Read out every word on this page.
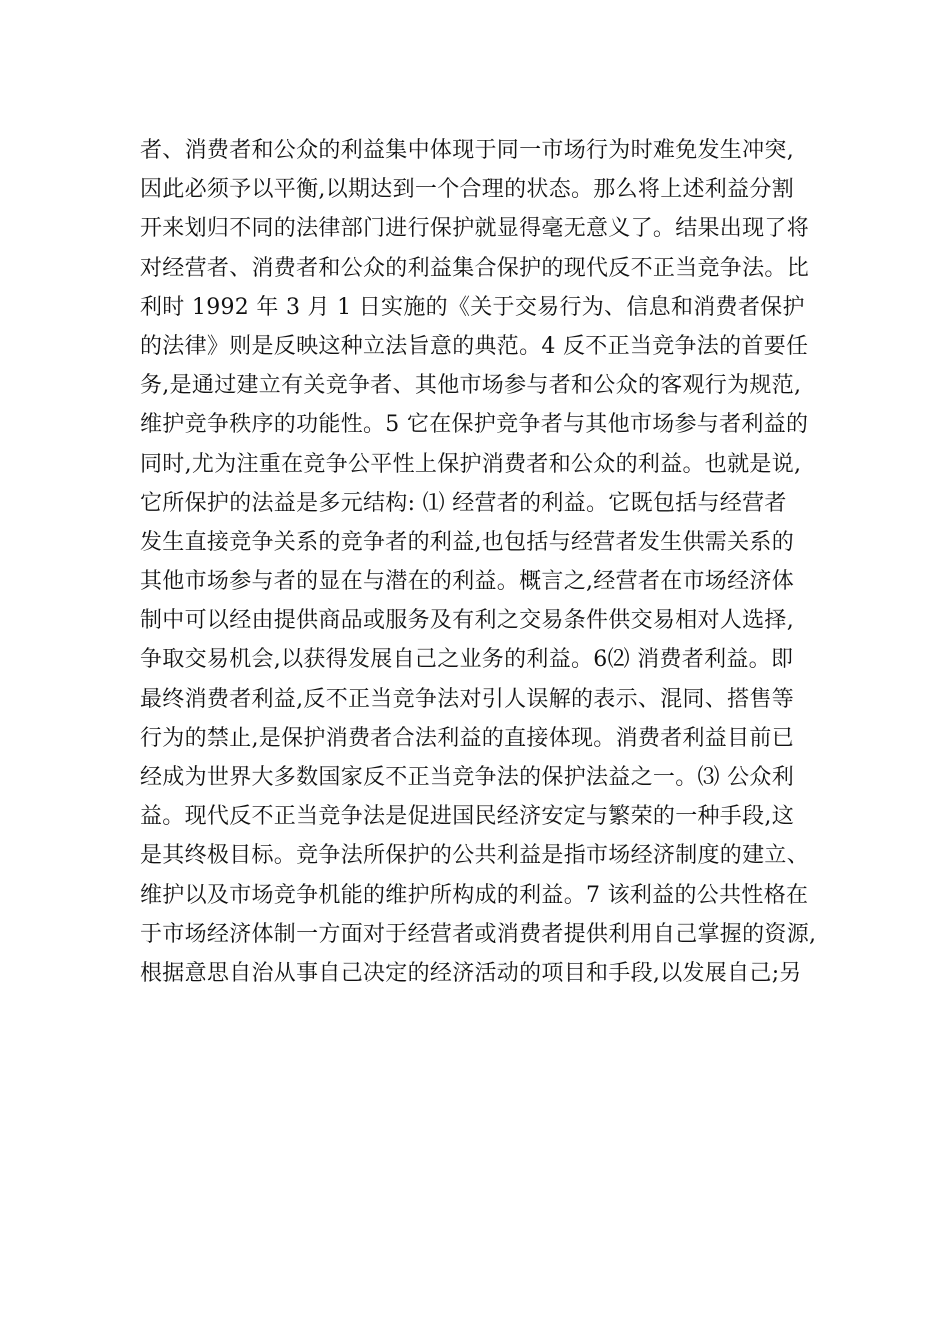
者、消费者和公众的利益集中体现于同一市场行为时难免发生冲突,
因此必须予以平衡,以期达到一个合理的状态。那么将上述利益分割
开来划归不同的法律部门进行保护就显得毫无意义了。结果出现了将
对经营者、消费者和公众的利益集合保护的现代反不正当竞争法。比
利时 1992 年 3 月 1 日实施的《关于交易行为、信息和消费者保护
的法律》则是反映这种立法旨意的典范。4 反不正当竞争法的首要任
务,是通过建立有关竞争者、其他市场参与者和公众的客观行为规范,
维护竞争秩序的功能性。5 它在保护竞争者与其他市场参与者利益的
同时,尤为注重在竞争公平性上保护消费者和公众的利益。也就是说,
它所保护的法益是多元结构: ⑴ 经营者的利益。它既包括与经营者
发生直接竞争关系的竞争者的利益,也包括与经营者发生供需关系的
其他市场参与者的显在与潜在的利益。概言之,经营者在市场经济体
制中可以经由提供商品或服务及有利之交易条件供交易相对人选择,
争取交易机会,以获得发展自己之业务的利益。6⑵ 消费者利益。即
最终消费者利益,反不正当竞争法对引人误解的表示、混同、搭售等
行为的禁止,是保护消费者合法利益的直接体现。消费者利益目前已
经成为世界大多数国家反不正当竞争法的保护法益之一。⑶ 公众利
益。现代反不正当竞争法是促进国民经济安定与繁荣的一种手段,这
是其终极目标。竞争法所保护的公共利益是指市场经济制度的建立、
维护以及市场竞争机能的维护所构成的利益。7 该利益的公共性格在
于市场经济体制一方面对于经营者或消费者提供利用自己掌握的资源,
根据意思自治从事自己决定的经济活动的项目和手段,以发展自己;另
